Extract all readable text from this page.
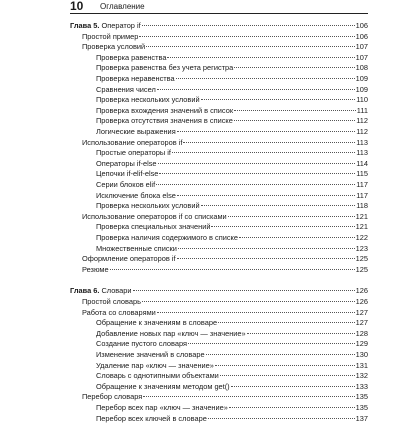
10 Оглавление
Глава 5. Оператор if	106
Простой пример	106
Проверка условий	107
Проверка равенства	107
Проверка равенства без учета регистра	108
Проверка неравенства	109
Сравнения чисел	109
Проверка нескольких условий	110
Проверка вхождения значений в список	111
Проверка отсутствия значения в списке	112
Логические выражения	112
Использование операторов if	113
Простые операторы if	113
Операторы if-else	114
Цепочки if-elif-else	115
Серии блоков elif	117
Исключение блока else	117
Проверка нескольких условий	118
Использование операторов if со списками	121
Проверка специальных значений	121
Проверка наличия содержимого в списке	122
Множественные списки	123
Оформление операторов if	125
Резюме	125
Глава 6. Словари	126
Простой словарь	126
Работа со словарями	127
Обращение к значениям в словаре	127
Добавление новых пар «ключ — значение»	128
Создание пустого словаря	129
Изменение значений в словаре	130
Удаление пар «ключ — значение»	131
Словарь с однотипными объектами	132
Обращение к значениям методом get()	133
Перебор словаря	135
Перебор всех пар «ключ — значение»	135
Перебор всех ключей в словаре	137
